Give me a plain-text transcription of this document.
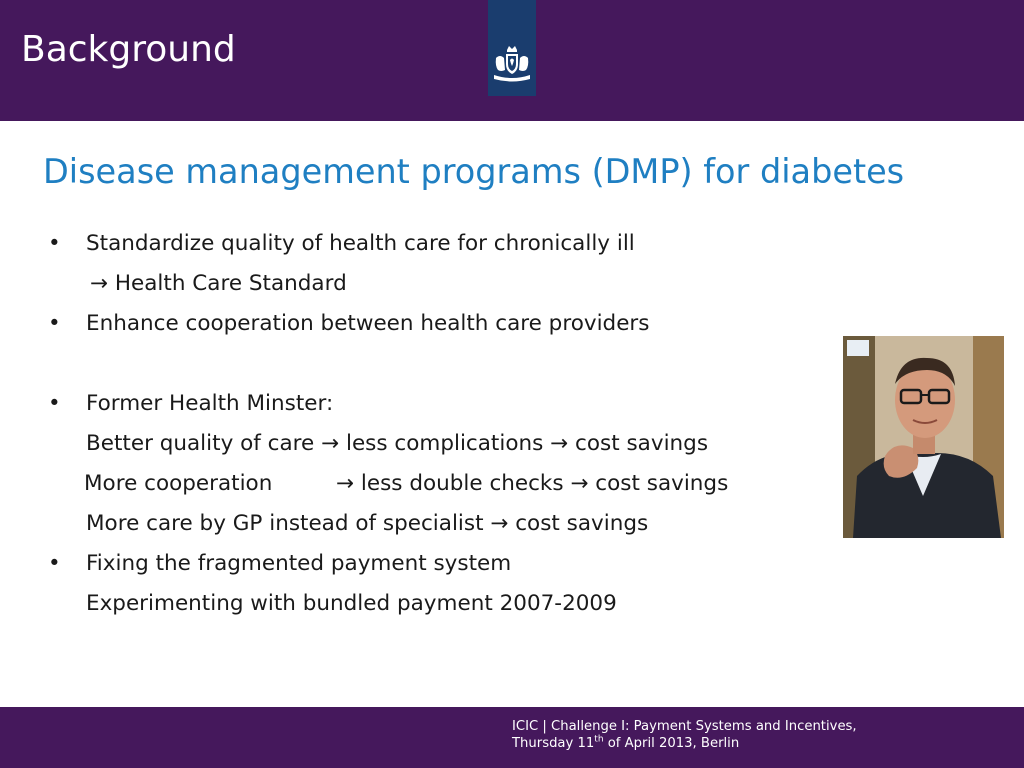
Background
Disease management programs (DMP) for diabetes
• Standardize quality of health care for chronically ill
→ Health Care Standard
• Enhance cooperation between health care providers
• Former Health Minster:
Better quality of care → less complications → cost savings
More cooperation	→ less double checks → cost savings
More care by GP instead of specialist → cost savings
• Fixing the fragmented payment system
Experimenting with bundled payment 2007-2009
ICIC | Challenge I: Payment Systems and Incentives,
Thursday 11th of April 2013, Berlin
